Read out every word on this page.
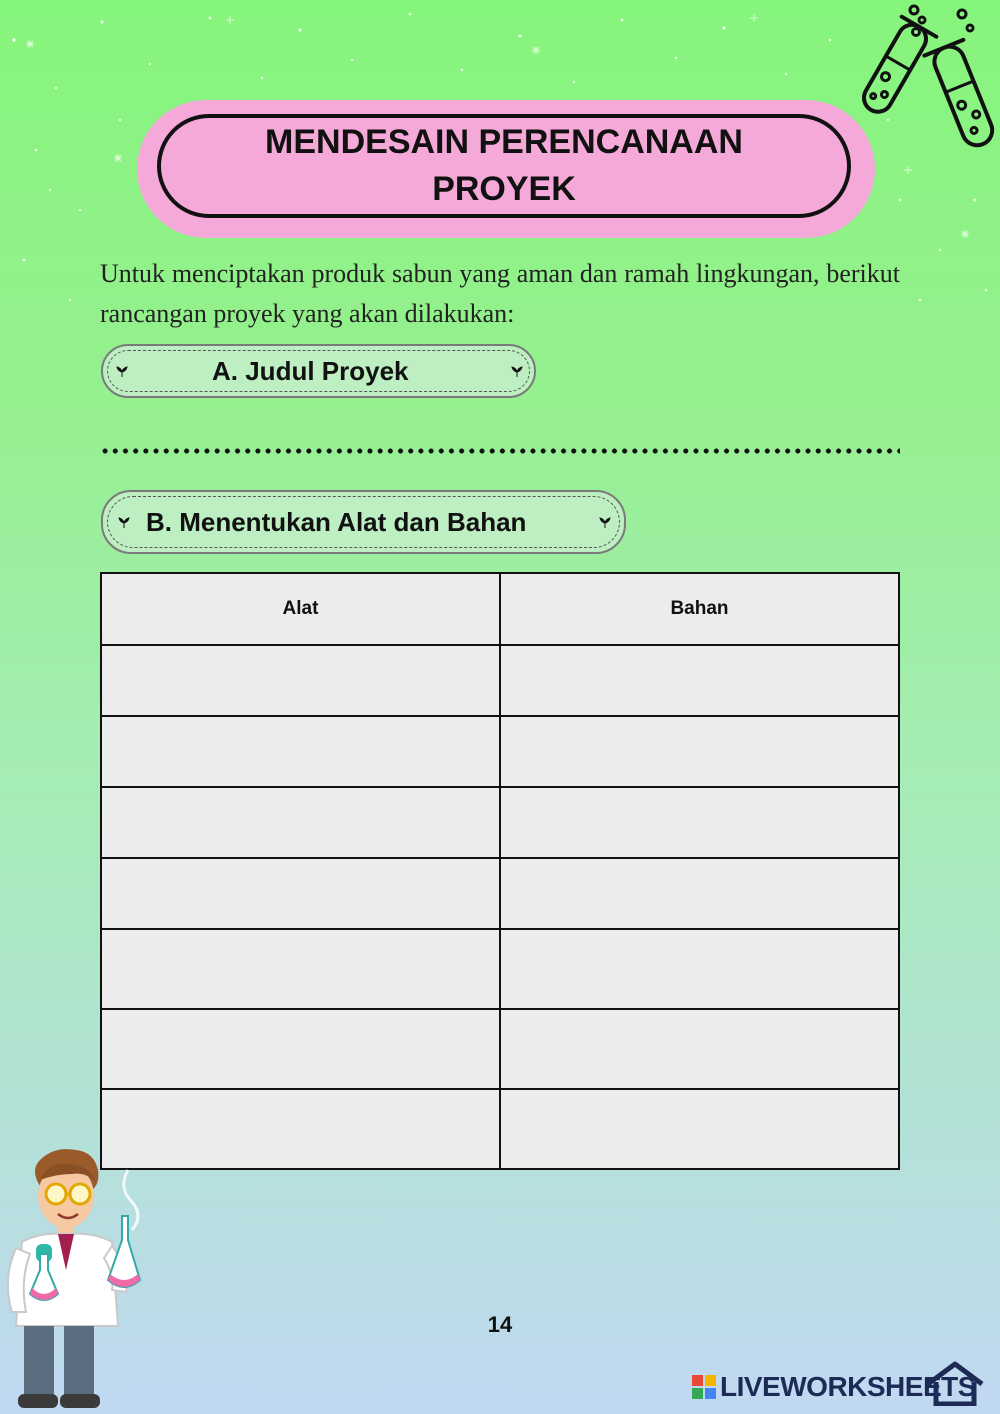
MENDESAIN PERENCANAAN PROYEK

Untuk menciptakan produk sabun yang aman dan ramah lingkungan, berikut rancangan proyek yang akan dilakukan:

A. Judul Proyek
B. Menentukan Alat dan Bahan
Alat	Bahan

14
LIVEWORKSHEETS
